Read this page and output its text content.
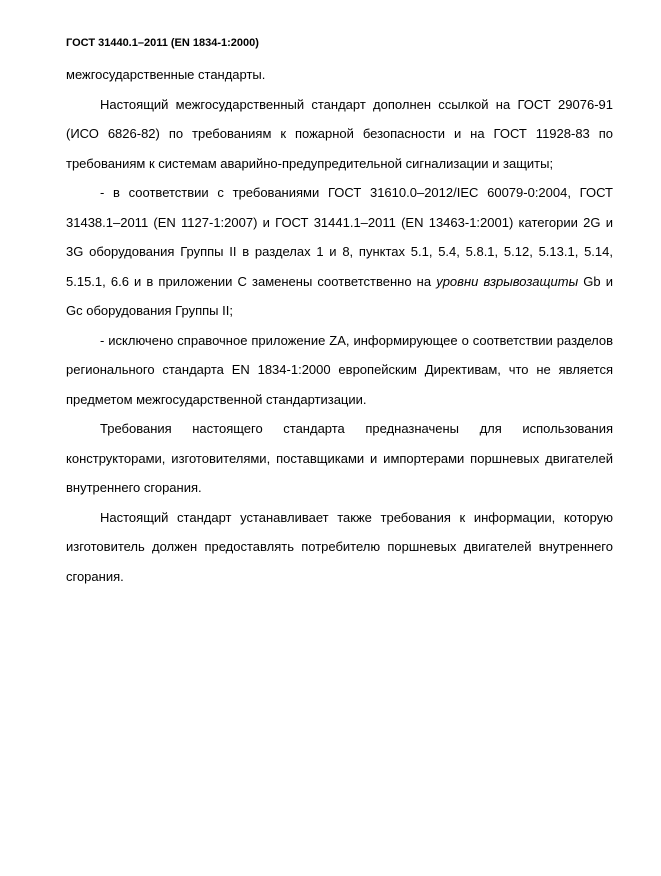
ГОСТ 31440.1–2011 (EN 1834-1:2000)

межгосударственные стандарты.

Настоящий межгосударственный стандарт дополнен ссылкой на ГОСТ 29076-91 (ИСО 6826-82) по требованиям к пожарной безопасности и на ГОСТ 11928-83 по требованиям к системам аварийно-предупредительной сигнализации и защиты;

- в соответствии с требованиями ГОСТ 31610.0–2012/IEC 60079-0:2004, ГОСТ 31438.1–2011 (EN 1127-1:2007) и ГОСТ 31441.1–2011 (EN 13463-1:2001) категории 2G и 3G оборудования Группы II в разделах 1 и 8, пунктах 5.1, 5.4, 5.8.1, 5.12, 5.13.1, 5.14, 5.15.1, 6.6 и в приложении С заменены соответственно на уровни взрывозащиты Gb и Gc оборудования Группы II;

- исключено справочное приложение ZA, информирующее о соответствии разделов регионального стандарта EN 1834-1:2000 европейским Директивам, что не является предметом межгосударственной стандартизации.

Требования настоящего стандарта предназначены для использования конструкторами, изготовителями, поставщиками и импортерами поршневых двигателей внутреннего сгорания.

Настоящий стандарт устанавливает также требования к информации, которую изготовитель должен предоставлять потребителю поршневых двигателей внутреннего сгорания.
